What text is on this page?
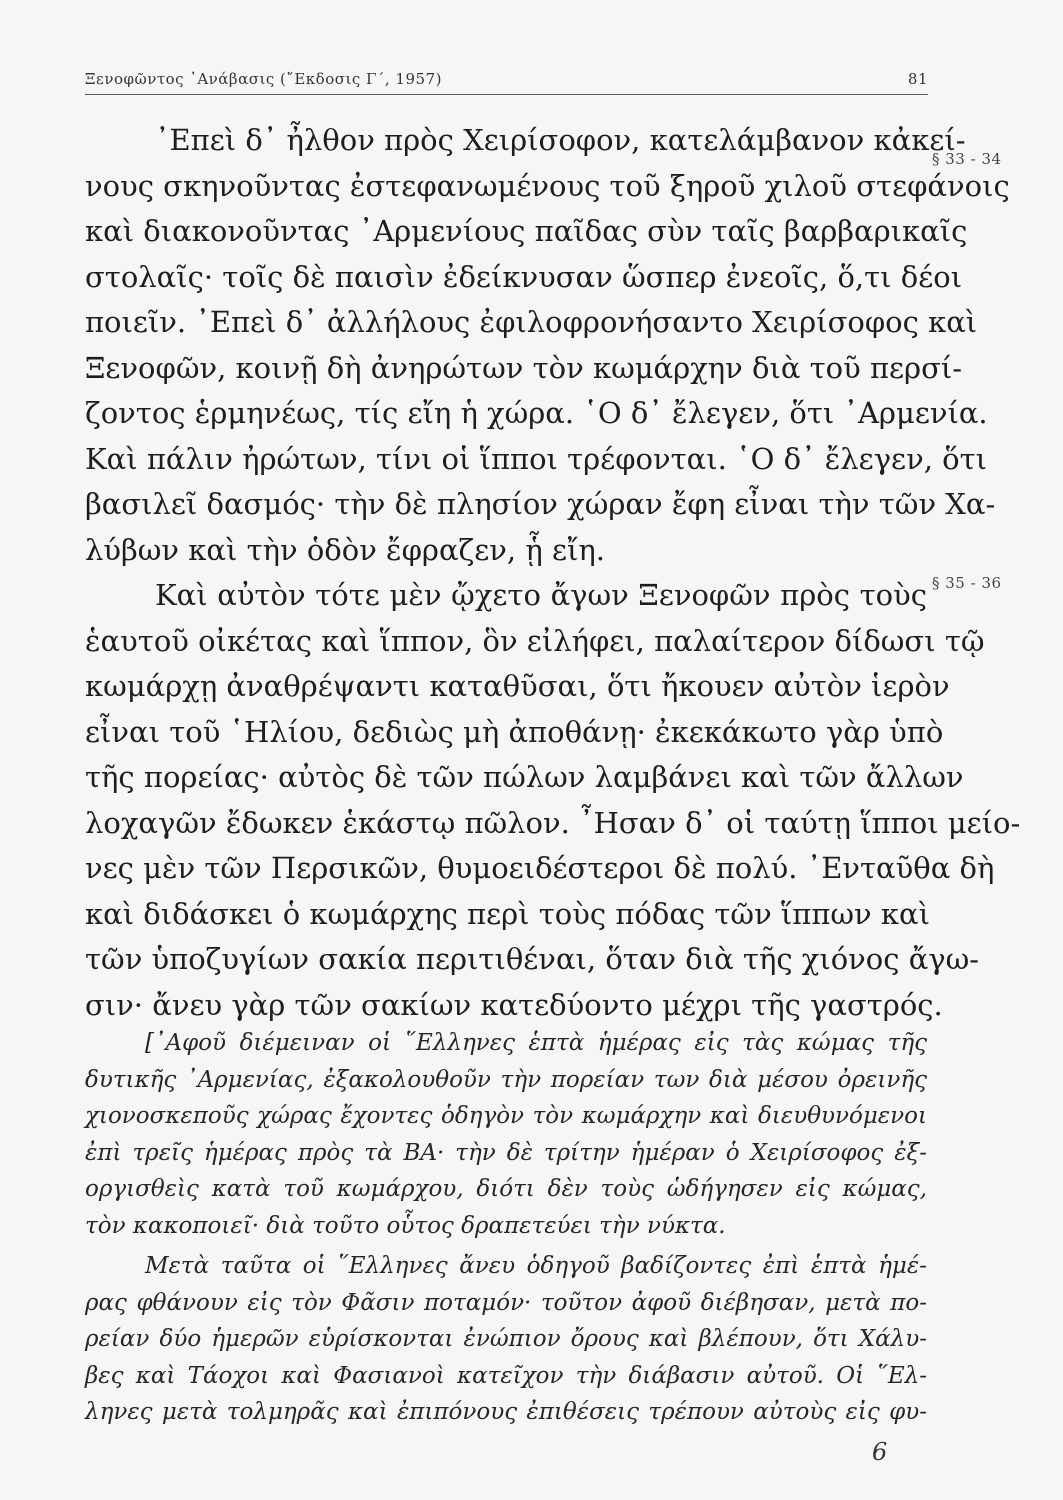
Ξενοφῶντος ᾽Ανάβασις (῎Εκδοσις Γ΄, 1957)	81
§ 33 - 34
§ 35 - 36
᾽Επεὶ δ᾽ ἦλθον πρὸς Χειρίσοφον, κατελάμβανον κἀκεί-
νους σκηνοῦντας ἐστεφανωμένους τοῦ ξηροῦ χιλοῦ στεφάνοις
καὶ διακονοῦντας ᾽Αρμενίους παῖδας σὺν ταῖς βαρβαρικαῖς
στολαῖς· τοῖς δὲ παισὶν ἐδείκνυσαν ὥσπερ ἐνεοῖς, ὅ,τι δέοι
ποιεῖν. ᾽Επεὶ δ᾽ ἀλλήλους ἐφιλοφρονήσαντο Χειρίσοφος καὶ
Ξενοφῶν, κοινῇ δὴ ἀνηρώτων τὸν κωμάρχην διὰ τοῦ περσί-
ζοντος ἑρμηνέως, τίς εἴη ἡ χώρα. ῾Ο δ᾽ ἔλεγεν, ὅτι ᾽Αρμενία.
Καὶ πάλιν ἠρώτων, τίνι οἱ ἵπποι τρέφονται. ῾Ο δ᾽ ἔλεγεν, ὅτι
βασιλεῖ δασμός· τὴν δὲ πλησίον χώραν ἔφη εἶναι τὴν τῶν Χα-
λύβων καὶ τὴν ὁδὸν ἔφραζεν, ᾗ εἴη.
Καὶ αὐτὸν τότε μὲν ᾤχετο ἄγων Ξενοφῶν πρὸς τοὺς
ἑαυτοῦ οἰκέτας καὶ ἵππον, ὃν εἰλήφει, παλαίτερον δίδωσι τῷ
κωμάρχῃ ἀναθρέψαντι καταθῦσαι, ὅτι ἤκουεν αὐτὸν ἱερὸν
εἶναι τοῦ ῾Ηλίου, δεδιὼς μὴ ἀποθάνῃ· ἐκεκάκωτο γὰρ ὑπὸ
τῆς πορείας· αὐτὸς δὲ τῶν πώλων λαμβάνει καὶ τῶν ἄλλων
λοχαγῶν ἔδωκεν ἑκάστῳ πῶλον. ῏Ησαν δ᾽ οἱ ταύτῃ ἵπποι μείο-
νες μὲν τῶν Περσικῶν, θυμοειδέστεροι δὲ πολύ. ᾽Ενταῦθα δὴ
καὶ διδάσκει ὁ κωμάρχης περὶ τοὺς πόδας τῶν ἵππων καὶ
τῶν ὑποζυγίων σακία περιτιθέναι, ὅταν διὰ τῆς χιόνος ἄγω-
σιν· ἄνευ γὰρ τῶν σακίων κατεδύοντο μέχρι τῆς γαστρός.
[᾽Αφοῦ διέμειναν οἱ ῞Ελληνες ἑπτὰ ἡμέρας εἰς τὰς κώμας τῆς
δυτικῆς ᾽Αρμενίας, ἐξακολουθοῦν τὴν πορείαν των διὰ μέσου ὀρεινῆς
χιονοσκεποῦς χώρας ἔχοντες ὁδηγὸν τὸν κωμάρχην καὶ διευθυνόμενοι
ἐπὶ τρεῖς ἡμέρας πρὸς τὰ ΒΑ· τὴν δὲ τρίτην ἡμέραν ὁ Χειρίσοφος ἐξ-
οργισθεὶς κατὰ τοῦ κωμάρχου, διότι δὲν τοὺς ὡδήγησεν εἰς κώμας,
τὸν κακοποιεῖ· διὰ τοῦτο οὗτος δραπετεύει τὴν νύκτα.
Μετὰ ταῦτα οἱ ῞Ελληνες ἄνευ ὁδηγοῦ βαδίζοντες ἐπὶ ἑπτὰ ἡμέ-
ρας φθάνουν εἰς τὸν Φᾶσιν ποταμόν· τοῦτον ἀφοῦ διέβησαν, μετὰ πο-
ρείαν δύο ἡμερῶν εὑρίσκονται ἐνώπιον ὄρους καὶ βλέπουν, ὅτι Χάλυ-
βες καὶ Τάοχοι καὶ Φασιανοὶ κατεῖχον τὴν διάβασιν αὐτοῦ. Οἱ ῞Ελ-
ληνες μετὰ τολμηρᾶς καὶ ἐπιπόνους ἐπιθέσεις τρέπουν αὐτοὺς εἰς φυ-
6
